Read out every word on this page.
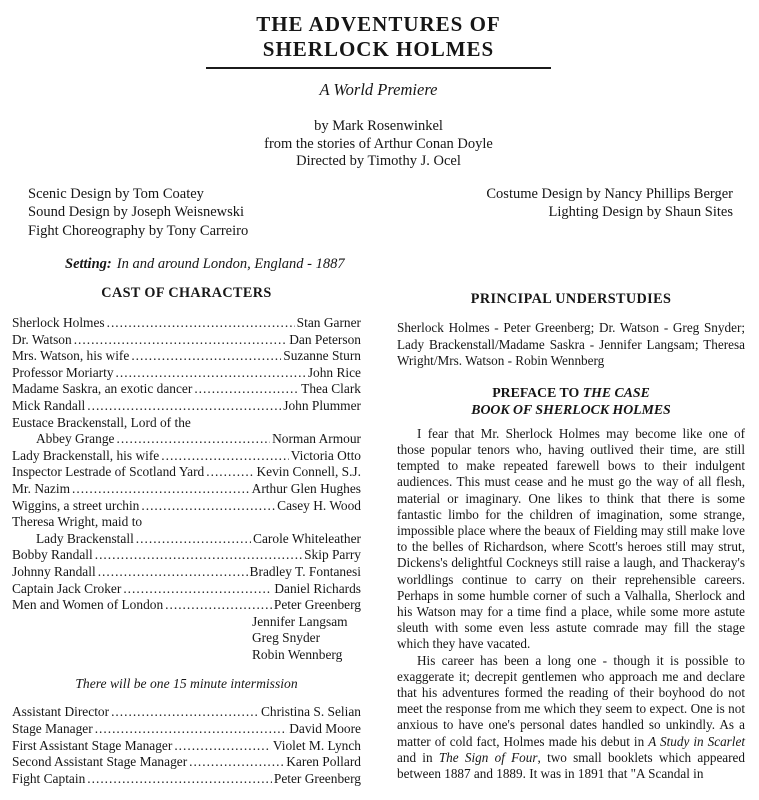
THE ADVENTURES OF
SHERLOCK HOLMES
A World Premiere
by Mark Rosenwinkel
from the stories of Arthur Conan Doyle
Directed by Timothy J. Ocel
Scenic Design by Tom Coatey
Sound Design by Joseph Weisnewski
Fight Choreography by Tony Carreiro
Costume Design by Nancy Phillips Berger
Lighting Design by Shaun Sites
Setting: In and around London, England - 1887
CAST OF CHARACTERS
Sherlock Holmes .....	Stan Garner
Dr. Watson .....	Dan Peterson
Mrs. Watson, his wife .....	Suzanne Sturn
Professor Moriarty .....	John Rice
Madame Saskra, an exotic dancer .....	Thea Clark
Mick Randall .....	John Plummer
Eustace Brackenstall, Lord of the
Abbey Grange .....	Norman Armour
Lady Brackenstall, his wife .....	Victoria Otto
Inspector Lestrade of Scotland Yard .....	Kevin Connell, S.J.
Mr. Nazim .....	Arthur Glen Hughes
Wiggins, a street urchin .....	Casey H. Wood
Theresa Wright, maid to
Lady Brackenstall .....	Carole Whiteleather
Bobby Randall .....	Skip Parry
Johnny Randall .....	Bradley T. Fontanesi
Captain Jack Croker .....	Daniel Richards
Men and Women of London .....	Peter Greenberg
Jennifer Langsam
Greg Snyder
Robin Wennberg
There will be one 15 minute intermission
Assistant Director .....	Christina S. Selian
Stage Manager .....	David Moore
First Assistant Stage Manager .....	Violet M. Lynch
Second Assistant Stage Manager .....	Karen Pollard
Fight Captain .....	Peter Greenberg
PRINCIPAL UNDERSTUDIES

Sherlock Holmes - Peter Greenberg; Dr. Watson - Greg Snyder; Lady Brackenstall/Madame Saskra - Jennifer Langsam; Theresa Wright/Mrs. Watson - Robin Wennberg

PREFACE TO THE CASE
BOOK OF SHERLOCK HOLMES

I fear that Mr. Sherlock Holmes may become like one of those popular tenors who, having outlived their time, are still tempted to make repeated farewell bows to their indulgent audiences. This must cease and he must go the way of all flesh, material or imaginary. One likes to think that there is some fantastic limbo for the children of imagination, some strange, impossible place where the beaux of Fielding may still make love to the belles of Richardson, where Scott's heroes still may strut, Dickens's delightful Cockneys still raise a laugh, and Thackeray's worldlings continue to carry on their reprehensible careers. Perhaps in some humble corner of such a Valhalla, Sherlock and his Watson may for a time find a place, while some more astute sleuth with some even less astute comrade may fill the stage which they have vacated.

His career has been a long one - though it is possible to exaggerate it; decrepit gentlemen who approach me and declare that his adventures formed the reading of their boyhood do not meet the response from me which they seem to expect. One is not anxious to have one's personal dates handled so unkindly. As a matter of cold fact, Holmes made his debut in A Study in Scarlet and in The Sign of Four, two small booklets which appeared between 1887 and 1889. It was in 1891 that "A Scandal in
